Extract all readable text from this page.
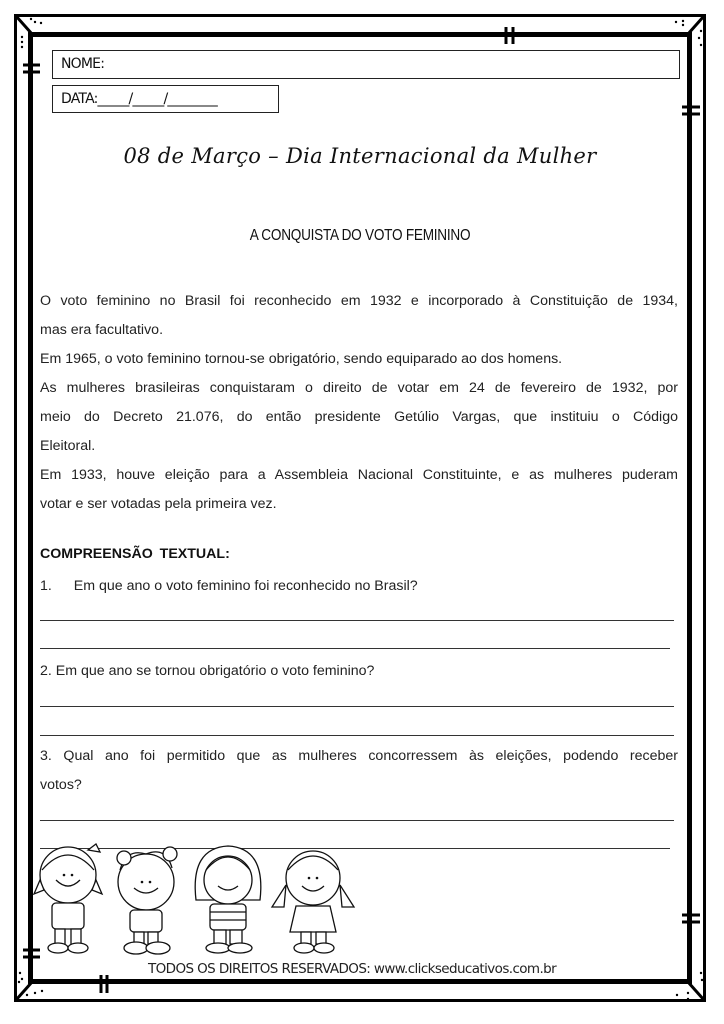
NOME:
DATA:_____/_____/________
08 de Março – Dia Internacional da Mulher
A CONQUISTA DO VOTO FEMININO
O voto feminino no Brasil foi reconhecido em 1932 e incorporado à Constituição de 1934,
mas era facultativo.
Em 1965, o voto feminino tornou-se obrigatório, sendo equiparado ao dos homens.
As mulheres brasileiras conquistaram o direito de votar em 24 de fevereiro de 1932, por
meio do Decreto 21.076, do então presidente Getúlio Vargas, que instituiu o Código
Eleitoral.
Em 1933, houve eleição para a Assembleia Nacional Constituinte, e as mulheres puderam
votar e ser votadas pela primeira vez.
COMPREENSÃO TEXTUAL:
1. Em que ano o voto feminino foi reconhecido no Brasil?
2. Em que ano se tornou obrigatório o voto feminino?
3. Qual ano foi permitido que as mulheres concorressem às eleições, podendo receber
votos?
TODOS OS DIREITOS RESERVADOS: www.clickseducativos.com.br
